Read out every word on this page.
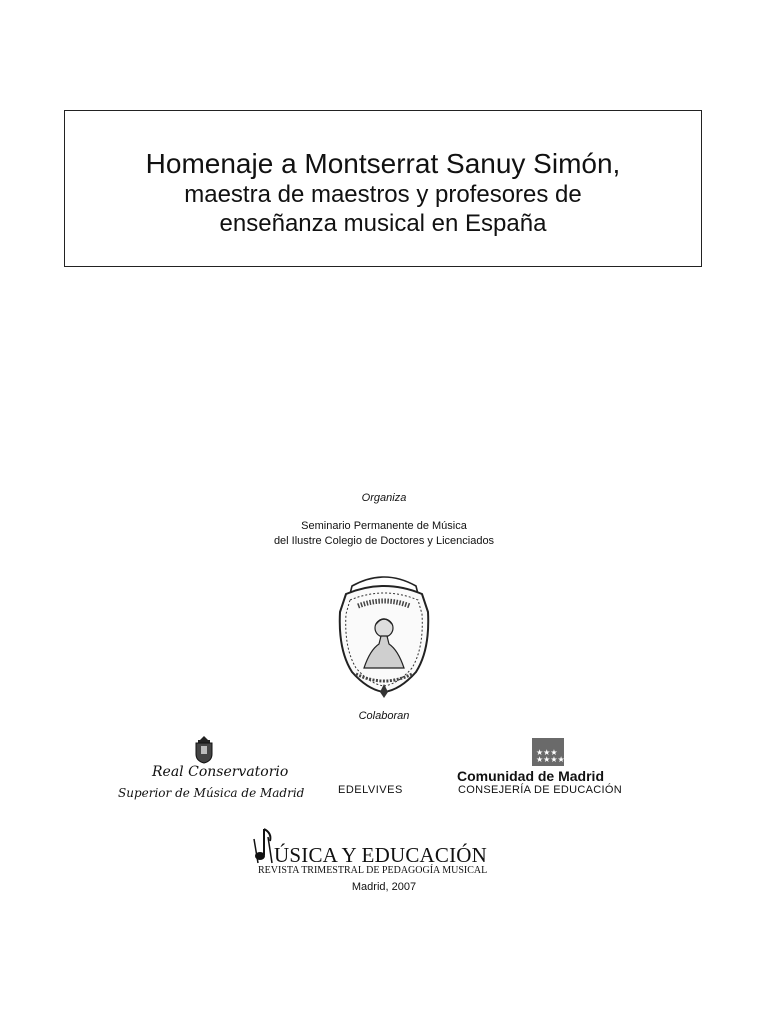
Homenaje a Montserrat Sanuy Simón,
maestra de maestros y profesores de
enseñanza musical en España
Organiza
Seminario Permanente de Música
del Ilustre Colegio de Doctores y Licenciados
Colaboran
Real Conservatorio
Superior de Música de Madrid	EDELVIVES
★★★
★★★★
Comunidad de Madrid
CONSEJERÍA DE EDUCACIÓN
ÚSICA Y EDUCACIÓN
REVISTA TRIMESTRAL DE PEDAGOGÍA MUSICAL
Madrid, 2007
